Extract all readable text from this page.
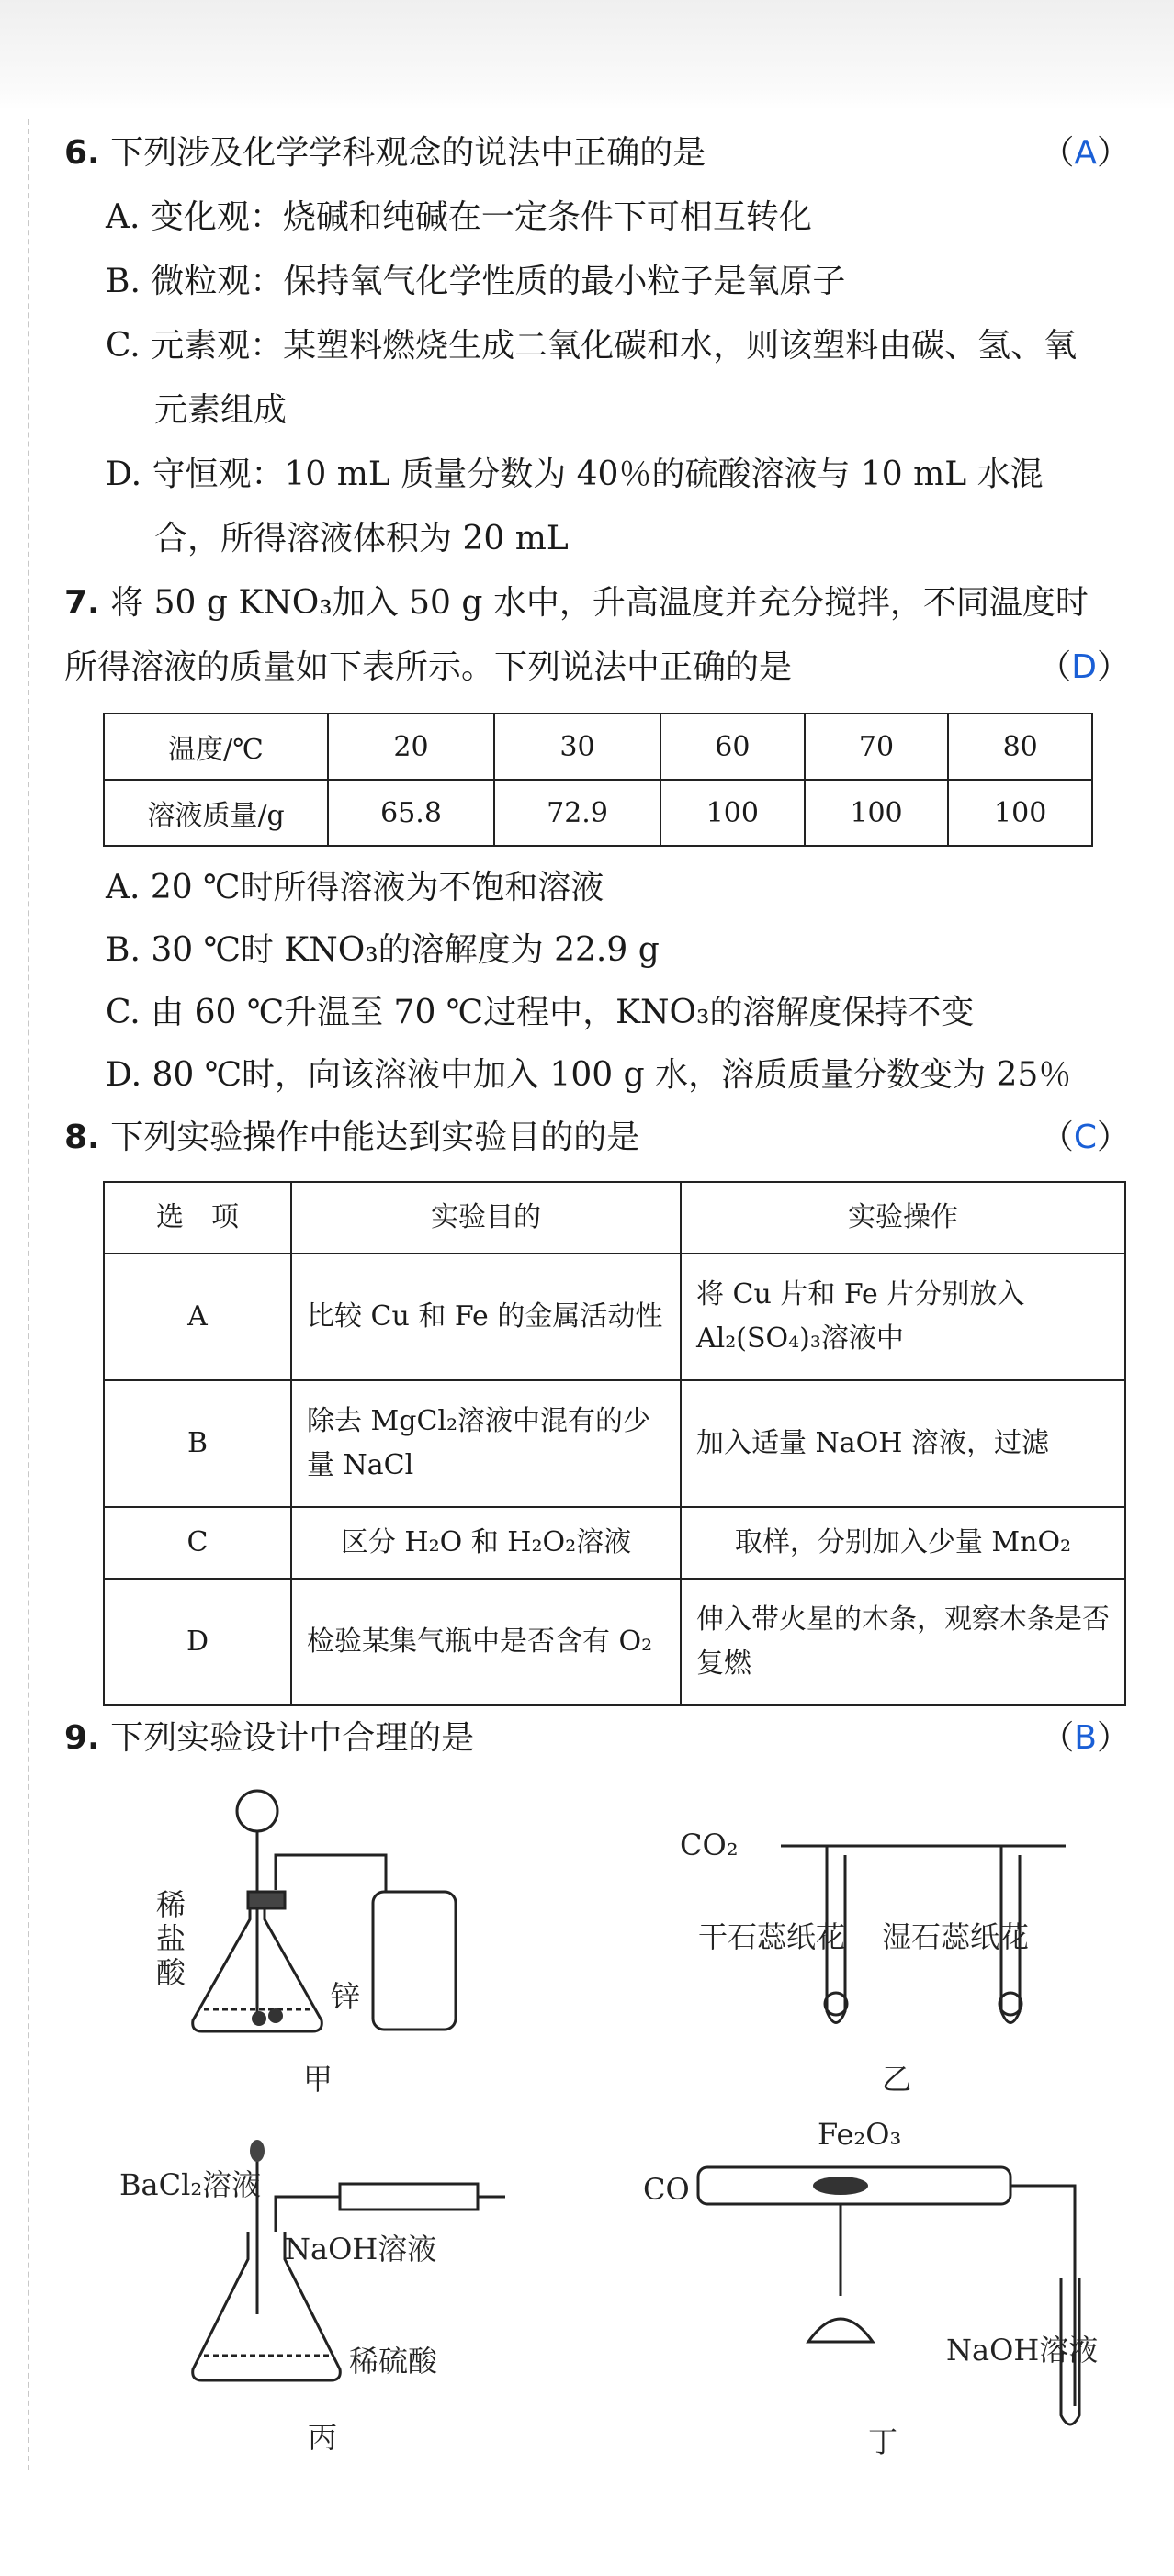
6. 下列涉及化学学科观念的说法中正确的是	（A）
A. 变化观：烧碱和纯碱在一定条件下可相互转化
B. 微粒观：保持氧气化学性质的最小粒子是氧原子
C. 元素观：某塑料燃烧生成二氧化碳和水，则该塑料由碳、氢、氧
元素组成
D. 守恒观：10 mL 质量分数为 40％的硫酸溶液与 10 mL 水混
合，所得溶液体积为 20 mL
7. 将 50 g KNO₃加入 50 g 水中，升高温度并充分搅拌，不同温度时
所得溶液的质量如下表所示。下列说法中正确的是	（D）
温度/℃	20	30	60	70	80
溶液质量/g	65.8	72.9	100	100	100
A. 20 ℃时所得溶液为不饱和溶液
B. 30 ℃时 KNO₃的溶解度为 22.9 g
C. 由 60 ℃升温至 70 ℃过程中，KNO₃的溶解度保持不变
D. 80 ℃时，向该溶液中加入 100 g 水，溶质质量分数变为 25％
8. 下列实验操作中能达到实验目的的是	（C）
选　项	实验目的	实验操作
A	比较 Cu 和 Fe 的金属活动性	将 Cu 片和 Fe 片分别放入 Al₂(SO₄)₃溶液中
B	除去 MgCl₂溶液中混有的少量 NaCl	加入适量 NaOH 溶液，过滤
C	区分 H₂O 和 H₂O₂溶液	取样，分别加入少量 MnO₂
D	检验某集气瓶中是否含有 O₂	伸入带火星的木条，观察木条是否复燃
9. 下列实验设计中合理的是	（B）
稀
盐
酸
锌
甲
CO₂
干石蕊纸花 湿石蕊纸花
乙
BaCl₂溶液
NaOH溶液
稀硫酸
丙
Fe₂O₃
CO
NaOH溶液
丁
